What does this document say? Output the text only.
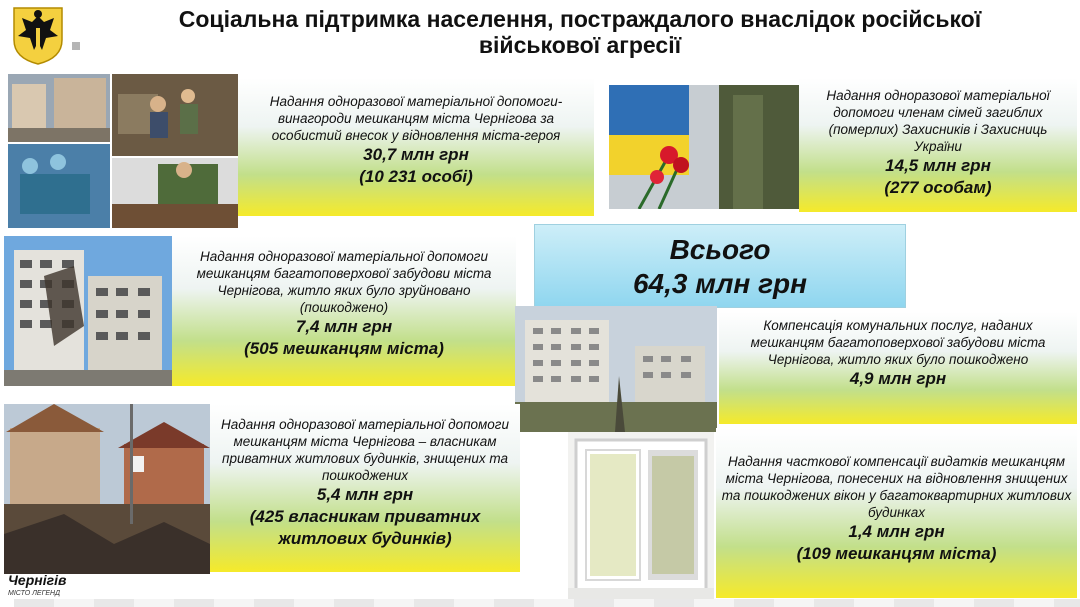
Соціальна підтримка населення, постраждалого внаслідок російської військової агресії
Надання одноразової матеріальної допомоги-винагороди мешканцям міста Чернігова за особистий внесок у відновлення міста-героя
30,7 млн грн
(10 231 особі)
Надання одноразової матеріальної допомоги членам сімей загиблих (померлих) Захисників і Захисниць України
14,5 млн грн
(277 особам)
Надання одноразової матеріальної допомоги мешканцям багатоповерхової забудови міста Чернігова, житло яких було зруйновано (пошкоджено)
7,4 млн грн
(505 мешканцям міста)
Всього
64,3 млн грн
Компенсація комунальних послуг, наданих мешканцям багатоповерхової забудови міста Чернігова, житло яких було пошкоджено
4,9 млн грн
Надання одноразової матеріальної допомоги мешканцям міста Чернігова – власникам приватних житлових будинків, знищених та пошкоджених
5,4 млн грн
(425 власникам приватних житлових будинків)
Надання часткової компенсації видатків мешканцям міста Чернігова, понесених на відновлення знищених та пошкоджених вікон у багатоквартирних житлових будинках
1,4 млн грн
(109 мешканцям міста)
Чернігів
МІСТО ЛЕГЕНД
